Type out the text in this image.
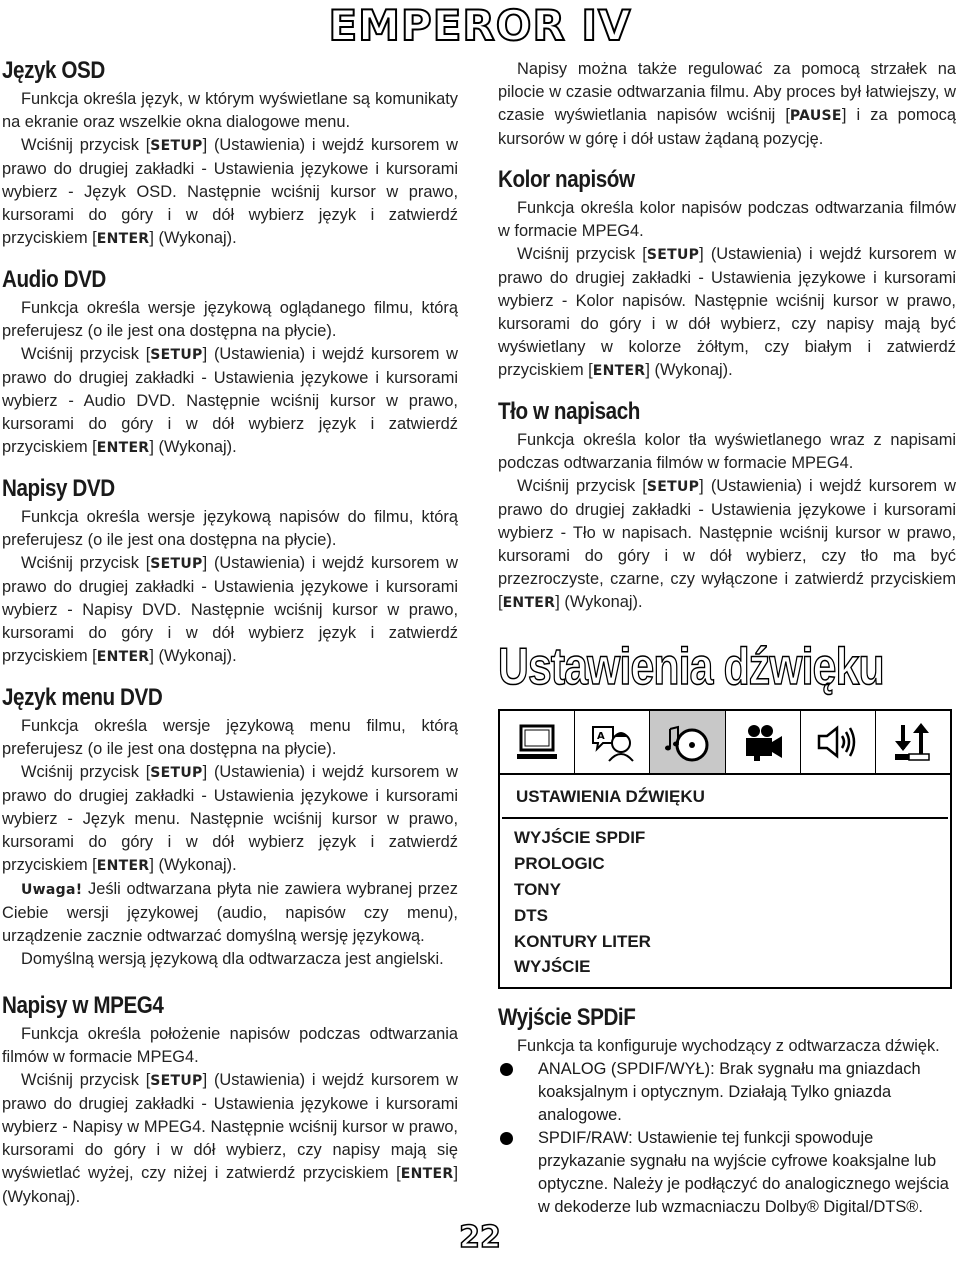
EMPEROR IV
Język OSD

Funkcja określa język, w którym wyświetlane są komunikaty na ekranie oraz wszelkie okna dialogowe menu.

Wciśnij przycisk [SETUP] (Ustawienia) i wejdź kursorem w prawo do drugiej zakładki - Ustawienia językowe i kursorami wybierz - Język OSD. Następnie wciśnij kursor w prawo, kursorami do góry i w dół wybierz język i zatwierdź przyciskiem [ENTER] (Wykonaj).

Audio DVD

Funkcja określa wersje językową oglądanego filmu, którą preferujesz (o ile jest ona dostępna na płycie).

Wciśnij przycisk [SETUP] (Ustawienia) i wejdź kursorem w prawo do drugiej zakładki - Ustawienia językowe i kursorami wybierz - Audio DVD. Następnie wciśnij kursor w prawo, kursorami do góry i w dół wybierz język i zatwierdź przyciskiem [ENTER] (Wykonaj).

Napisy DVD

Funkcja określa wersje językową napisów do filmu, którą preferujesz (o ile jest ona dostępna na płycie).

Wciśnij przycisk [SETUP] (Ustawienia) i wejdź kursorem w prawo do drugiej zakładki - Ustawienia językowe i kursorami wybierz - Napisy DVD. Następnie wciśnij kursor w prawo, kursorami do góry i w dół wybierz język i zatwierdź przyciskiem [ENTER] (Wykonaj).

Język menu DVD

Funkcja określa wersje językową menu filmu, którą preferujesz (o ile jest ona dostępna na płycie).

Wciśnij przycisk [SETUP] (Ustawienia) i wejdź kursorem w prawo do drugiej zakładki - Ustawienia językowe i kursorami wybierz - Język menu. Następnie wciśnij kursor w prawo, kursorami do góry i w dół wybierz język i zatwierdź przyciskiem [ENTER] (Wykonaj).

Uwaga! Jeśli odtwarzana płyta nie zawiera wybranej przez Ciebie wersji językowej (audio, napisów czy menu), urządzenie zacznie odtwarzać domyślną wersję językową.

Domyślną wersją językową dla odtwarzacza jest angielski.

Napisy w MPEG4

Funkcja określa położenie napisów podczas odtwarzania filmów w formacie MPEG4.

Wciśnij przycisk [SETUP] (Ustawienia) i wejdź kursorem w prawo do drugiej zakładki - Ustawienia językowe i kursorami wybierz - Napisy w MPEG4. Następnie wciśnij kursor w prawo, kursorami do góry i w dół wybierz, czy napisy mają się wyświetlać wyżej, czy niżej i zatwierdź przyciskiem [ENTER] (Wykonaj).

Napisy można także regulować za pomocą strzałek na pilocie w czasie odtwarzania filmu. Aby proces był łatwiejszy, w czasie wyświetlania napisów wciśnij [PAUSE] i za pomocą kursorów w górę i dół ustaw żądaną pozycję.

Kolor napisów

Funkcja określa kolor napisów podczas odtwarzania filmów w formacie MPEG4.

Wciśnij przycisk [SETUP] (Ustawienia) i wejdź kursorem w prawo do drugiej zakładki - Ustawienia językowe i kursorami wybierz - Kolor napisów. Następnie wciśnij kursor w prawo, kursorami do góry i w dół wybierz, czy napisy mają być wyświetlany w kolorze żółtym, czy białym i zatwierdź przyciskiem [ENTER] (Wykonaj).

Tło w napisach

Funkcja określa kolor tła wyświetlanego wraz z napisami podczas odtwarzania filmów w formacie MPEG4.

Wciśnij przycisk [SETUP] (Ustawienia) i wejdź kursorem w prawo do drugiej zakładki - Ustawienia językowe i kursorami wybierz - Tło w napisach. Następnie wciśnij kursor w prawo, kursorami do góry i w dół wybierz, czy tło ma być przezroczyste, czarne, czy wyłączone i zatwierdź przyciskiem [ENTER] (Wykonaj).

Ustawienia dźwięku
A
USTAWIENIA DŹWIĘKU
WYJŚCIE SPDIF
PROLOGIC
TONY
DTS
KONTURY LITER
WYJŚCIE
Wyjście SPDiF

Funkcja ta konfiguruje wychodzący z odtwarzacza dźwięk.

ANALOG (SPDIF/WYŁ): Brak sygnału ma gniazdach koaksjalnym i optycznym. Działają Tylko gniazda analogowe.
SPDIF/RAW: Ustawienie tej funkcji spowoduje przykazanie sygnału na wyjście cyfrowe koaksjalne lub optyczne. Należy je podłączyć do analogicznego wejścia w dekoderze lub wzmacniaczu Dolby® Digital/DTS®.
22
